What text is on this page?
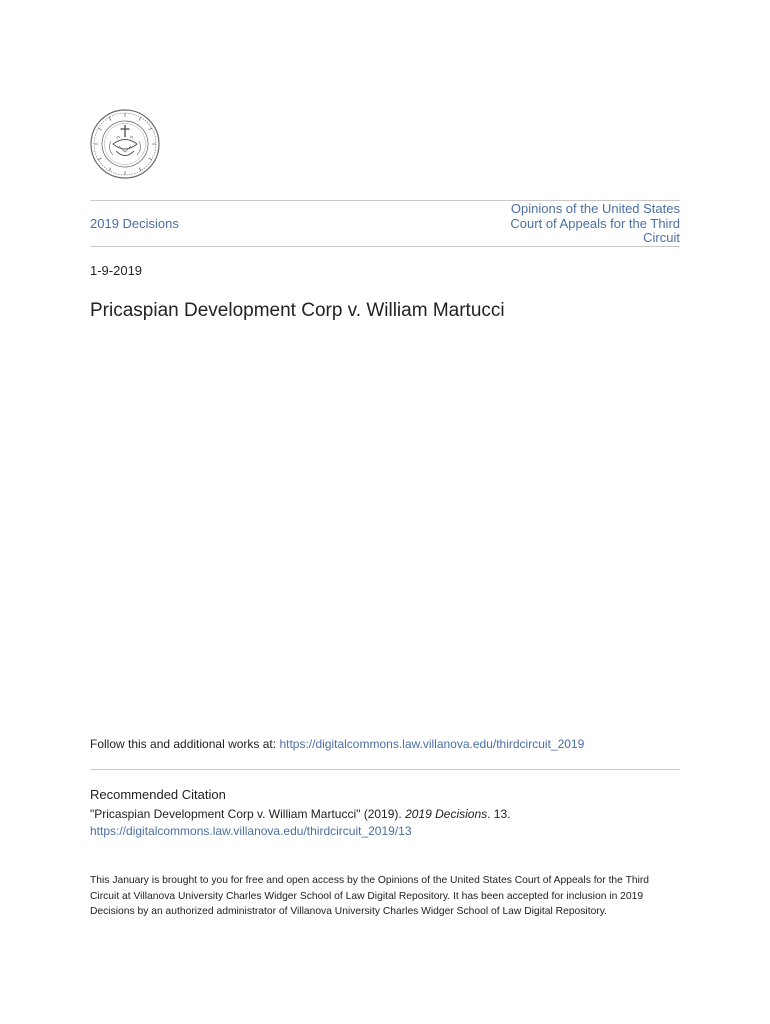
2019 Decisions
Opinions of the United States Court of Appeals for the Third Circuit
1-9-2019
Pricaspian Development Corp v. William Martucci
Follow this and additional works at: https://digitalcommons.law.villanova.edu/thirdcircuit_2019
Recommended Citation
"Pricaspian Development Corp v. William Martucci" (2019). 2019 Decisions. 13.
https://digitalcommons.law.villanova.edu/thirdcircuit_2019/13
This January is brought to you for free and open access by the Opinions of the United States Court of Appeals for the Third Circuit at Villanova University Charles Widger School of Law Digital Repository. It has been accepted for inclusion in 2019 Decisions by an authorized administrator of Villanova University Charles Widger School of Law Digital Repository.
